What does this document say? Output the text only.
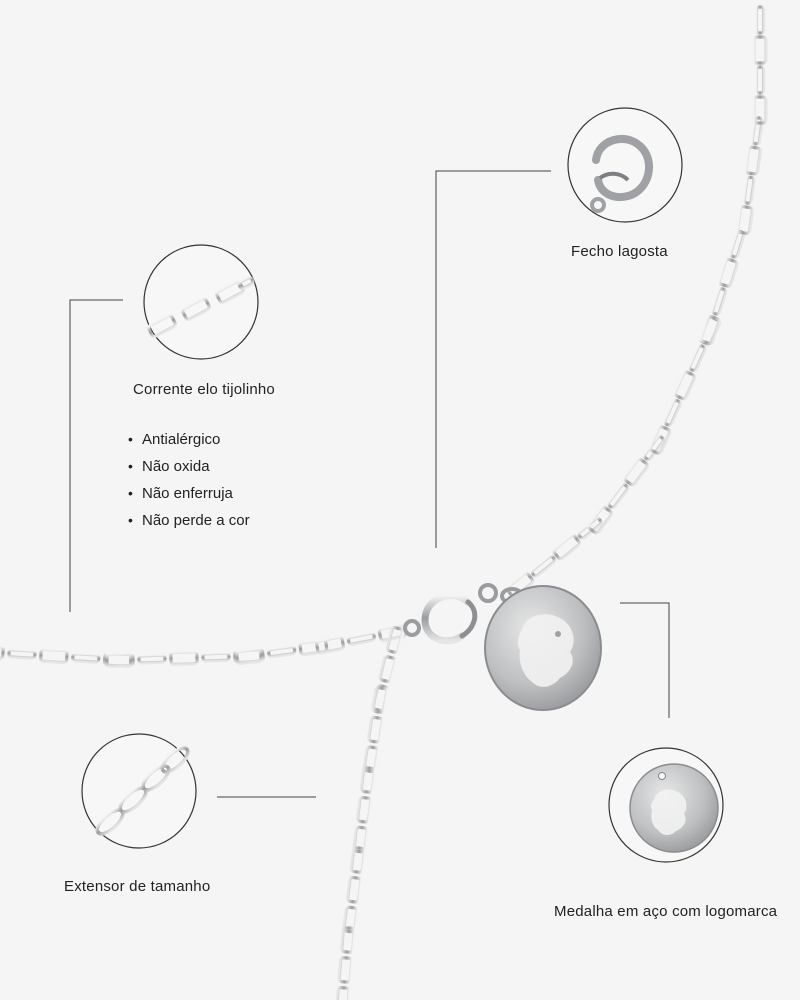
Fecho lagosta
Corrente elo tijolinho
• Antialérgico
• Não oxida
• Não enferruja
• Não perde a cor
Extensor de tamanho
Medalha em aço com logomarca
